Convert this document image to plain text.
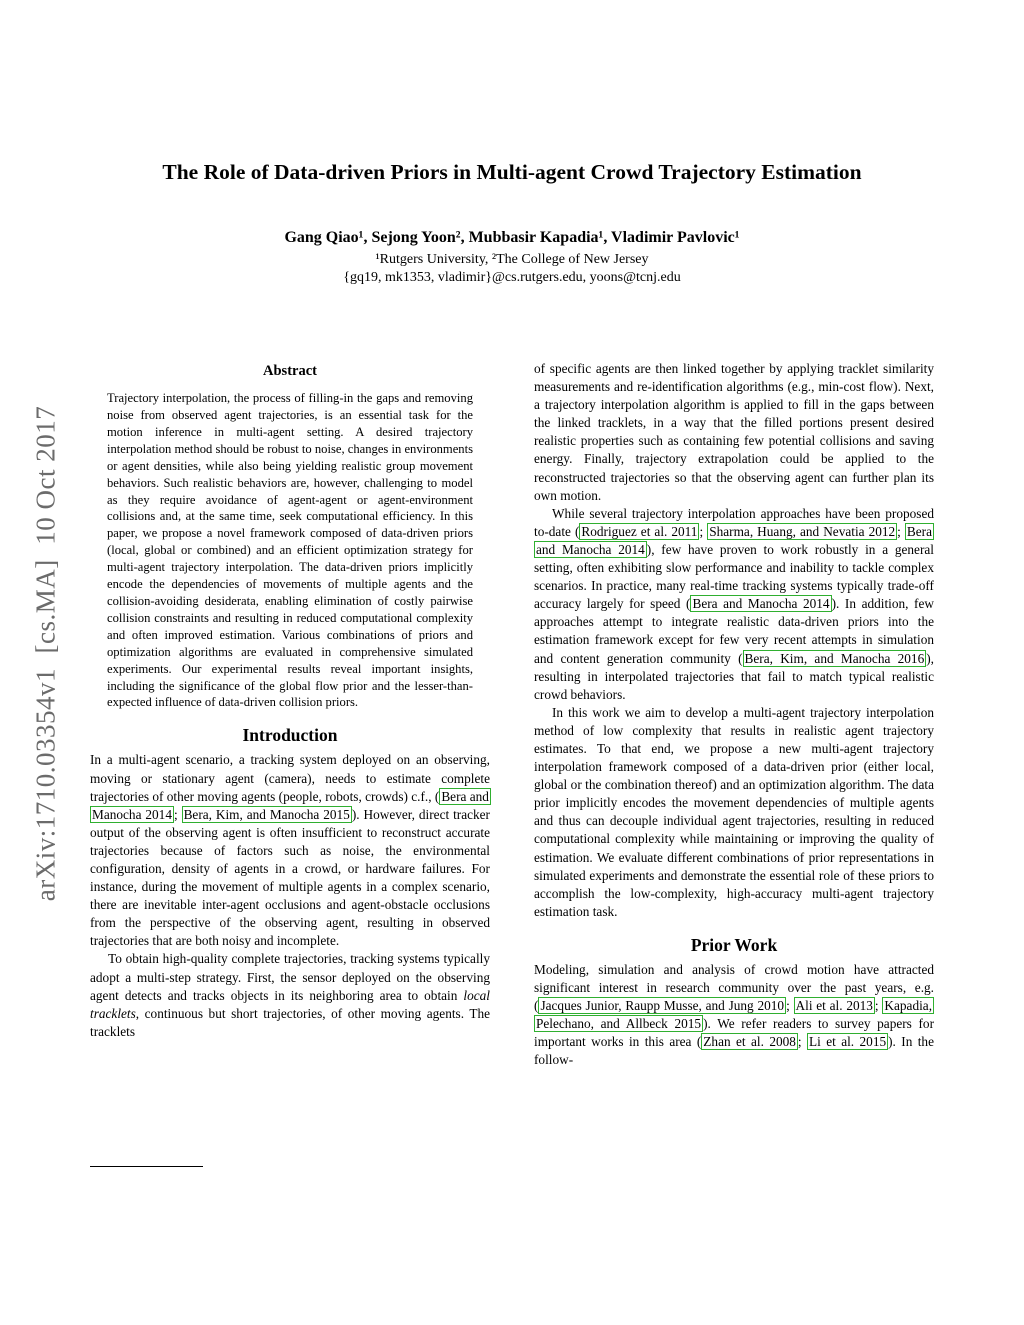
arXiv:1710.03354v1  [cs.MA]  10 Oct 2017
The Role of Data-driven Priors in Multi-agent Crowd Trajectory Estimation
Gang Qiao¹, Sejong Yoon², Mubbasir Kapadia¹, Vladimir Pavlovic¹
¹Rutgers University, ²The College of New Jersey
{gq19, mk1353, vladimir}@cs.rutgers.edu, yoons@tcnj.edu
Abstract
Trajectory interpolation, the process of filling-in the gaps and removing noise from observed agent trajectories, is an essential task for the motion inference in multi-agent setting. A desired trajectory interpolation method should be robust to noise, changes in environments or agent densities, while also being yielding realistic group movement behaviors. Such realistic behaviors are, however, challenging to model as they require avoidance of agent-agent or agent-environment collisions and, at the same time, seek computational efficiency. In this paper, we propose a novel framework composed of data-driven priors (local, global or combined) and an efficient optimization strategy for multi-agent trajectory interpolation. The data-driven priors implicitly encode the dependencies of movements of multiple agents and the collision-avoiding desiderata, enabling elimination of costly pairwise collision constraints and resulting in reduced computational complexity and often improved estimation. Various combinations of priors and optimization algorithms are evaluated in comprehensive simulated experiments. Our experimental results reveal important insights, including the significance of the global flow prior and the lesser-than-expected influence of data-driven collision priors.
Introduction

In a multi-agent scenario, a tracking system deployed on an observing, moving or stationary agent (camera), needs to estimate complete trajectories of other moving agents (people, robots, crowds) c.f., ( Bera and Manocha 2014 ; Bera, Kim, and Manocha 2015 ). However, direct tracker output of the observing agent is often insufficient to reconstruct accurate trajectories because of factors such as noise, the environmental configuration, density of agents in a crowd, or hardware failures. For instance, during the movement of multiple agents in a complex scenario, there are inevitable inter-agent occlusions and agent-obstacle occlusions from the perspective of the observing agent, resulting in observed trajectories that are both noisy and incomplete.

To obtain high-quality complete trajectories, tracking systems typically adopt a multi-step strategy. First, the sensor deployed on the observing agent detects and tracks objects in its neighboring area to obtain local tracklets, continuous but short trajectories, of other moving agents. The tracklets

of specific agents are then linked together by applying tracklet similarity measurements and re-identification algorithms (e.g., min-cost flow). Next, a trajectory interpolation algorithm is applied to fill in the gaps between the linked tracklets, in a way that the filled portions present desired realistic properties such as containing few potential collisions and saving energy. Finally, trajectory extrapolation could be applied to the reconstructed trajectories so that the observing agent can further plan its own motion.

While several trajectory interpolation approaches have been proposed to-date ( Rodriguez et al. 2011 ; Sharma, Huang, and Nevatia 2012 ; Bera and Manocha 2014 ), few have proven to work robustly in a general setting, often exhibiting slow performance and inability to tackle complex scenarios. In practice, many real-time tracking systems typically trade-off accuracy largely for speed ( Bera and Manocha 2014 ). In addition, few approaches attempt to integrate realistic data-driven priors into the estimation framework except for few very recent attempts in simulation and content generation community ( Bera, Kim, and Manocha 2016 ), resulting in interpolated trajectories that fail to match typical realistic crowd behaviors.

In this work we aim to develop a multi-agent trajectory interpolation method of low complexity that results in realistic agent trajectory estimates. To that end, we propose a new multi-agent trajectory interpolation framework composed of a data-driven prior (either local, global or the combination thereof) and an optimization algorithm. The data prior implicitly encodes the movement dependencies of multiple agents and thus can decouple individual agent trajectories, resulting in reduced computational complexity while maintaining or improving the quality of estimation. We evaluate different combinations of prior representations in simulated experiments and demonstrate the essential role of these priors to accomplish the low-complexity, high-accuracy multi-agent trajectory estimation task.

Prior Work

Modeling, simulation and analysis of crowd motion have attracted significant interest in research community over the past years, e.g. ( Jacques Junior, Raupp Musse, and Jung 2010 ; Ali et al. 2013 ; Kapadia, Pelechano, and Allbeck 2015 ). We refer readers to survey papers for important works in this area ( Zhan et al. 2008 ; Li et al. 2015 ). In the follow-
